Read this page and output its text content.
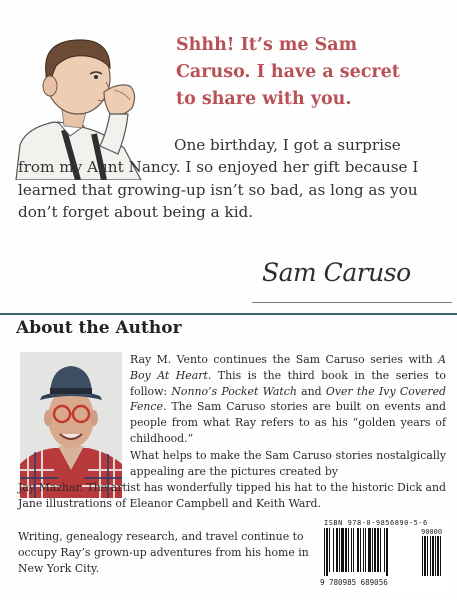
Shhh! It’s me Sam
Caruso. I have a secret
to share with you.
One birthday, I got a surprise
from my Aunt Nancy. I so enjoyed her gift because I learned that growing-up isn’t so bad, as long as you don’t forget about being a kid.
Sam Caruso
About the Author
Ray M. Vento continues the Sam Caruso series with A Boy At Heart. This is the third book in the series to follow: Nonno’s Pocket Watch and Over the Ivy Covered Fence. The Sam Caruso stories are built on events and people from what Ray refers to as his “golden years of childhood.”
What helps to make the Sam Caruso stories nostalgically appealing are the pictures created by
Jay Mazhar. The artist has wonderfully tipped his hat to the historic Dick and Jane illustrations of Eleanor Campbell and Keith Ward.
Writing, genealogy research, and travel continue to occupy Ray’s grown-up adventures from his home in New York City.
ISBN 978-0-9856890-5-6
9 780985 689056
90000
